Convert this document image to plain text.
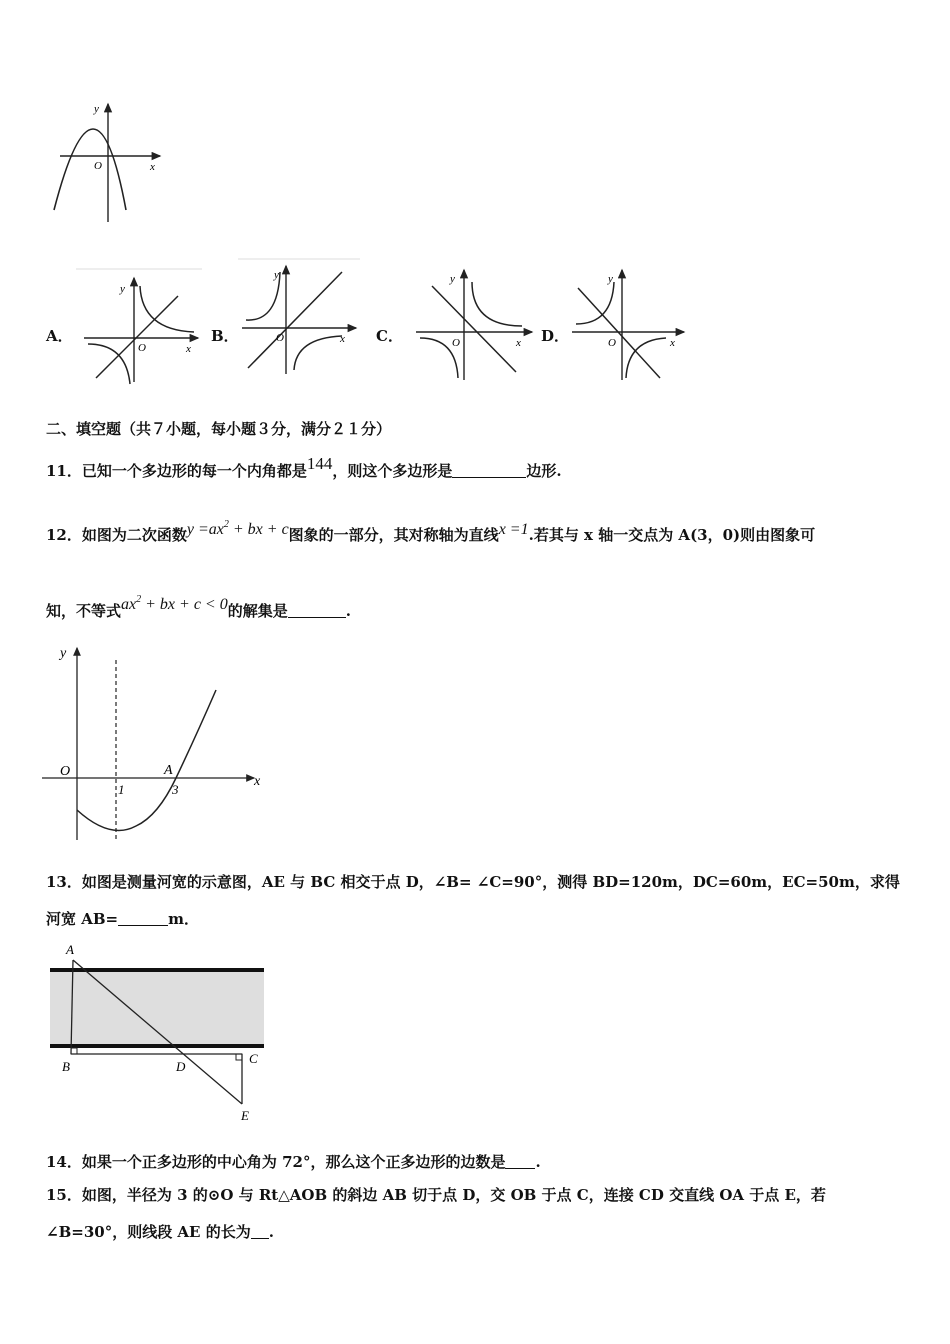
y
O	x
A．
y
O	x
B．
y
O	x C．
y
O	x D．
y
O	x
二、填空题（共７小题，每小题３分，满分２１分）
11．已知一个多边形的每一个内角都是144，则这个多边形是	边形.
12．如图为二次函数$y =ax^2$ + bx + c图象的一部分，其对称轴为直线x =1.若其与 x 轴一交点为 A(3，0)则由图象可
知，不等式$ax^2$ + bx + c < 0的解集是	.
y
O
x
A
1	3
13．如图是测量河宽的示意图，AE 与 BC 相交于点 D，∠B= ∠C=90°，测得 BD=120m，DC=60m，EC=50m，求得
河宽 AB=	m．
A
B
C
D
E
14．如果一个正多边形的中心角为 72°，那么这个正多边形的边数是 .
15．如图，半径为 3 的⊙O 与 Rt△AOB 的斜边 AB 切于点 D，交 OB 于点 C，连接 CD 交直线 OA 于点 E，若
∠B=30°，则线段 AE 的长为 .
